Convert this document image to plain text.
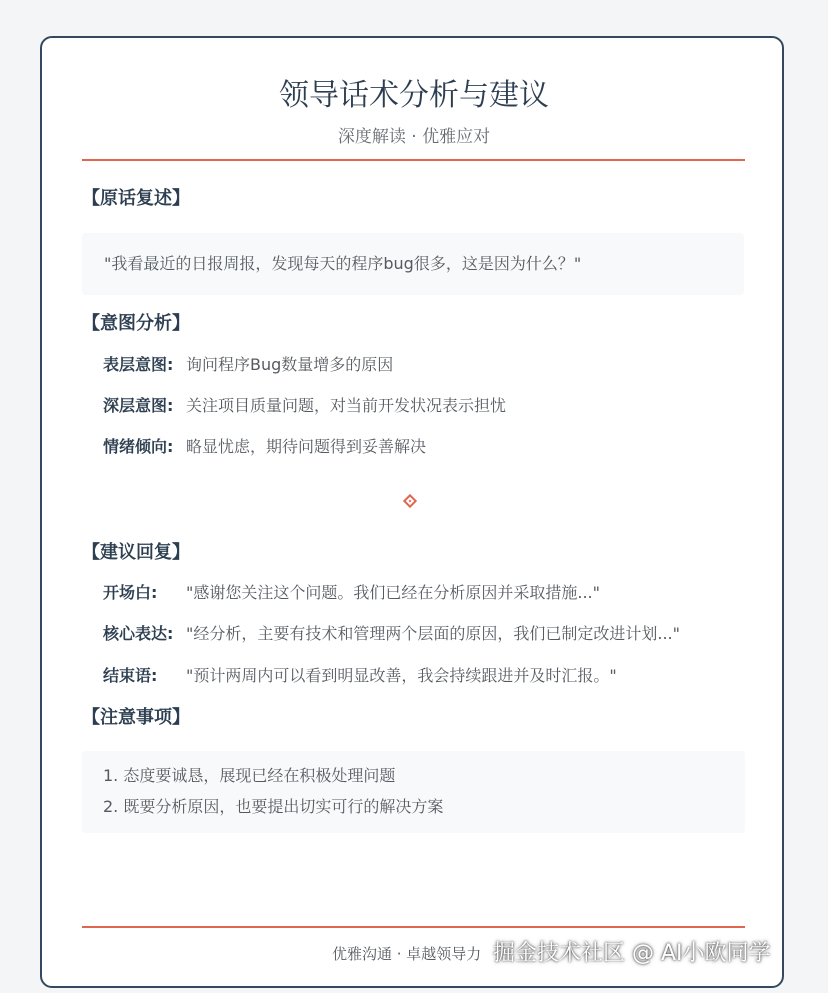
领导话术分析与建议
深度解读 · 优雅应对
【原话复述】
"我看最近的日报周报，发现每天的程序bug很多，这是因为什么？"
【意图分析】
表层意图: 询问程序Bug数量增多的原因
深层意图: 关注项目质量问题，对当前开发状况表示担忧
情绪倾向: 略显忧虑，期待问题得到妥善解决
【建议回复】
开场白: "感谢您关注这个问题。我们已经在分析原因并采取措施..."
核心表达: "经分析，主要有技术和管理两个层面的原因，我们已制定改进计划..."
结束语: "预计两周内可以看到明显改善，我会持续跟进并及时汇报。"
【注意事项】
1. 态度要诚恳，展现已经在积极处理问题
2. 既要分析原因，也要提出切实可行的解决方案
优雅沟通 · 卓越领导力 掘金技术社区 @ AI小欧同学
